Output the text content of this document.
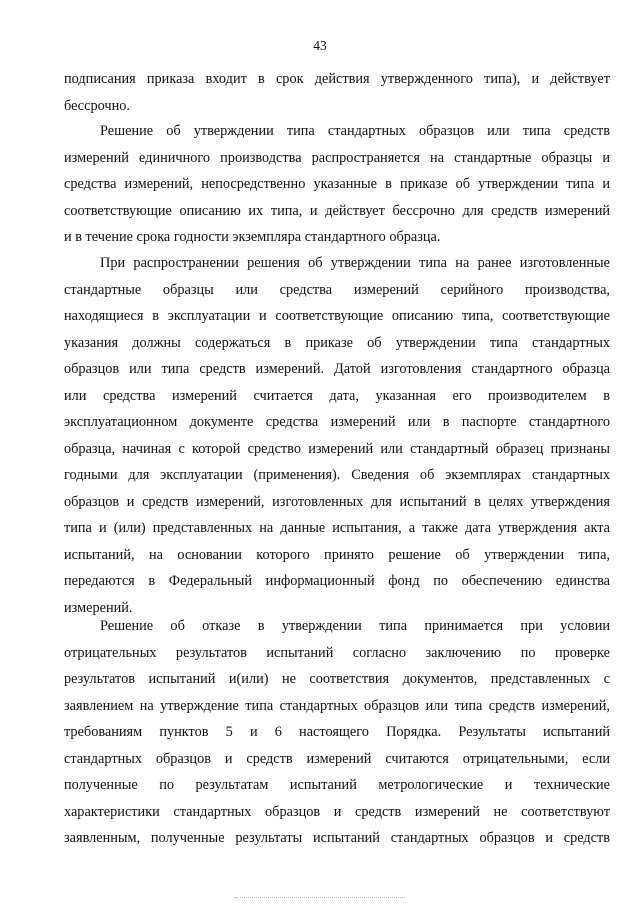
43
подписания приказа входит в срок действия утвержденного типа), и действует
бессрочно.
Решение об утверждении типа стандартных образцов или типа средств
измерений единичного производства распространяется на стандартные образцы и
средства измерений, непосредственно указанные в приказе об утверждении типа и
соответствующие описанию их типа, и действует бессрочно для средств измерений
и в течение срока годности экземпляра стандартного образца.
При распространении решения об утверждении типа на ранее изготовленные
стандартные образцы или средства измерений серийного производства,
находящиеся в эксплуатации и соответствующие описанию типа, соответствующие
указания должны содержаться в приказе об утверждении типа стандартных
образцов или типа средств измерений. Датой изготовления стандартного образца
или средства измерений считается дата, указанная его производителем в
эксплуатационном документе средства измерений или в паспорте стандартного
образца, начиная с которой средство измерений или стандартный образец признаны
годными для эксплуатации (применения). Сведения об экземплярах стандартных
образцов и средств измерений, изготовленных для испытаний в целях утверждения
типа и (или) представленных на данные испытания, а также дата утверждения акта
испытаний, на основании которого принято решение об утверждении типа,
передаются в Федеральный информационный фонд по обеспечению единства
измерений.
Решение об отказе в утверждении типа принимается при условии
отрицательных результатов испытаний согласно заключению по проверке
результатов испытаний и(или) не соответствия документов, представленных с
заявлением на утверждение типа стандартных образцов или типа средств измерений,
требованиям пунктов 5 и 6 настоящего Порядка. Результаты испытаний
стандартных образцов и средств измерений считаются отрицательными, если
полученные по результатам испытаний метрологические и технические
характеристики стандартных образцов и средств измерений не соответствуют
заявленным, полученные результаты испытаний стандартных образцов и средств
